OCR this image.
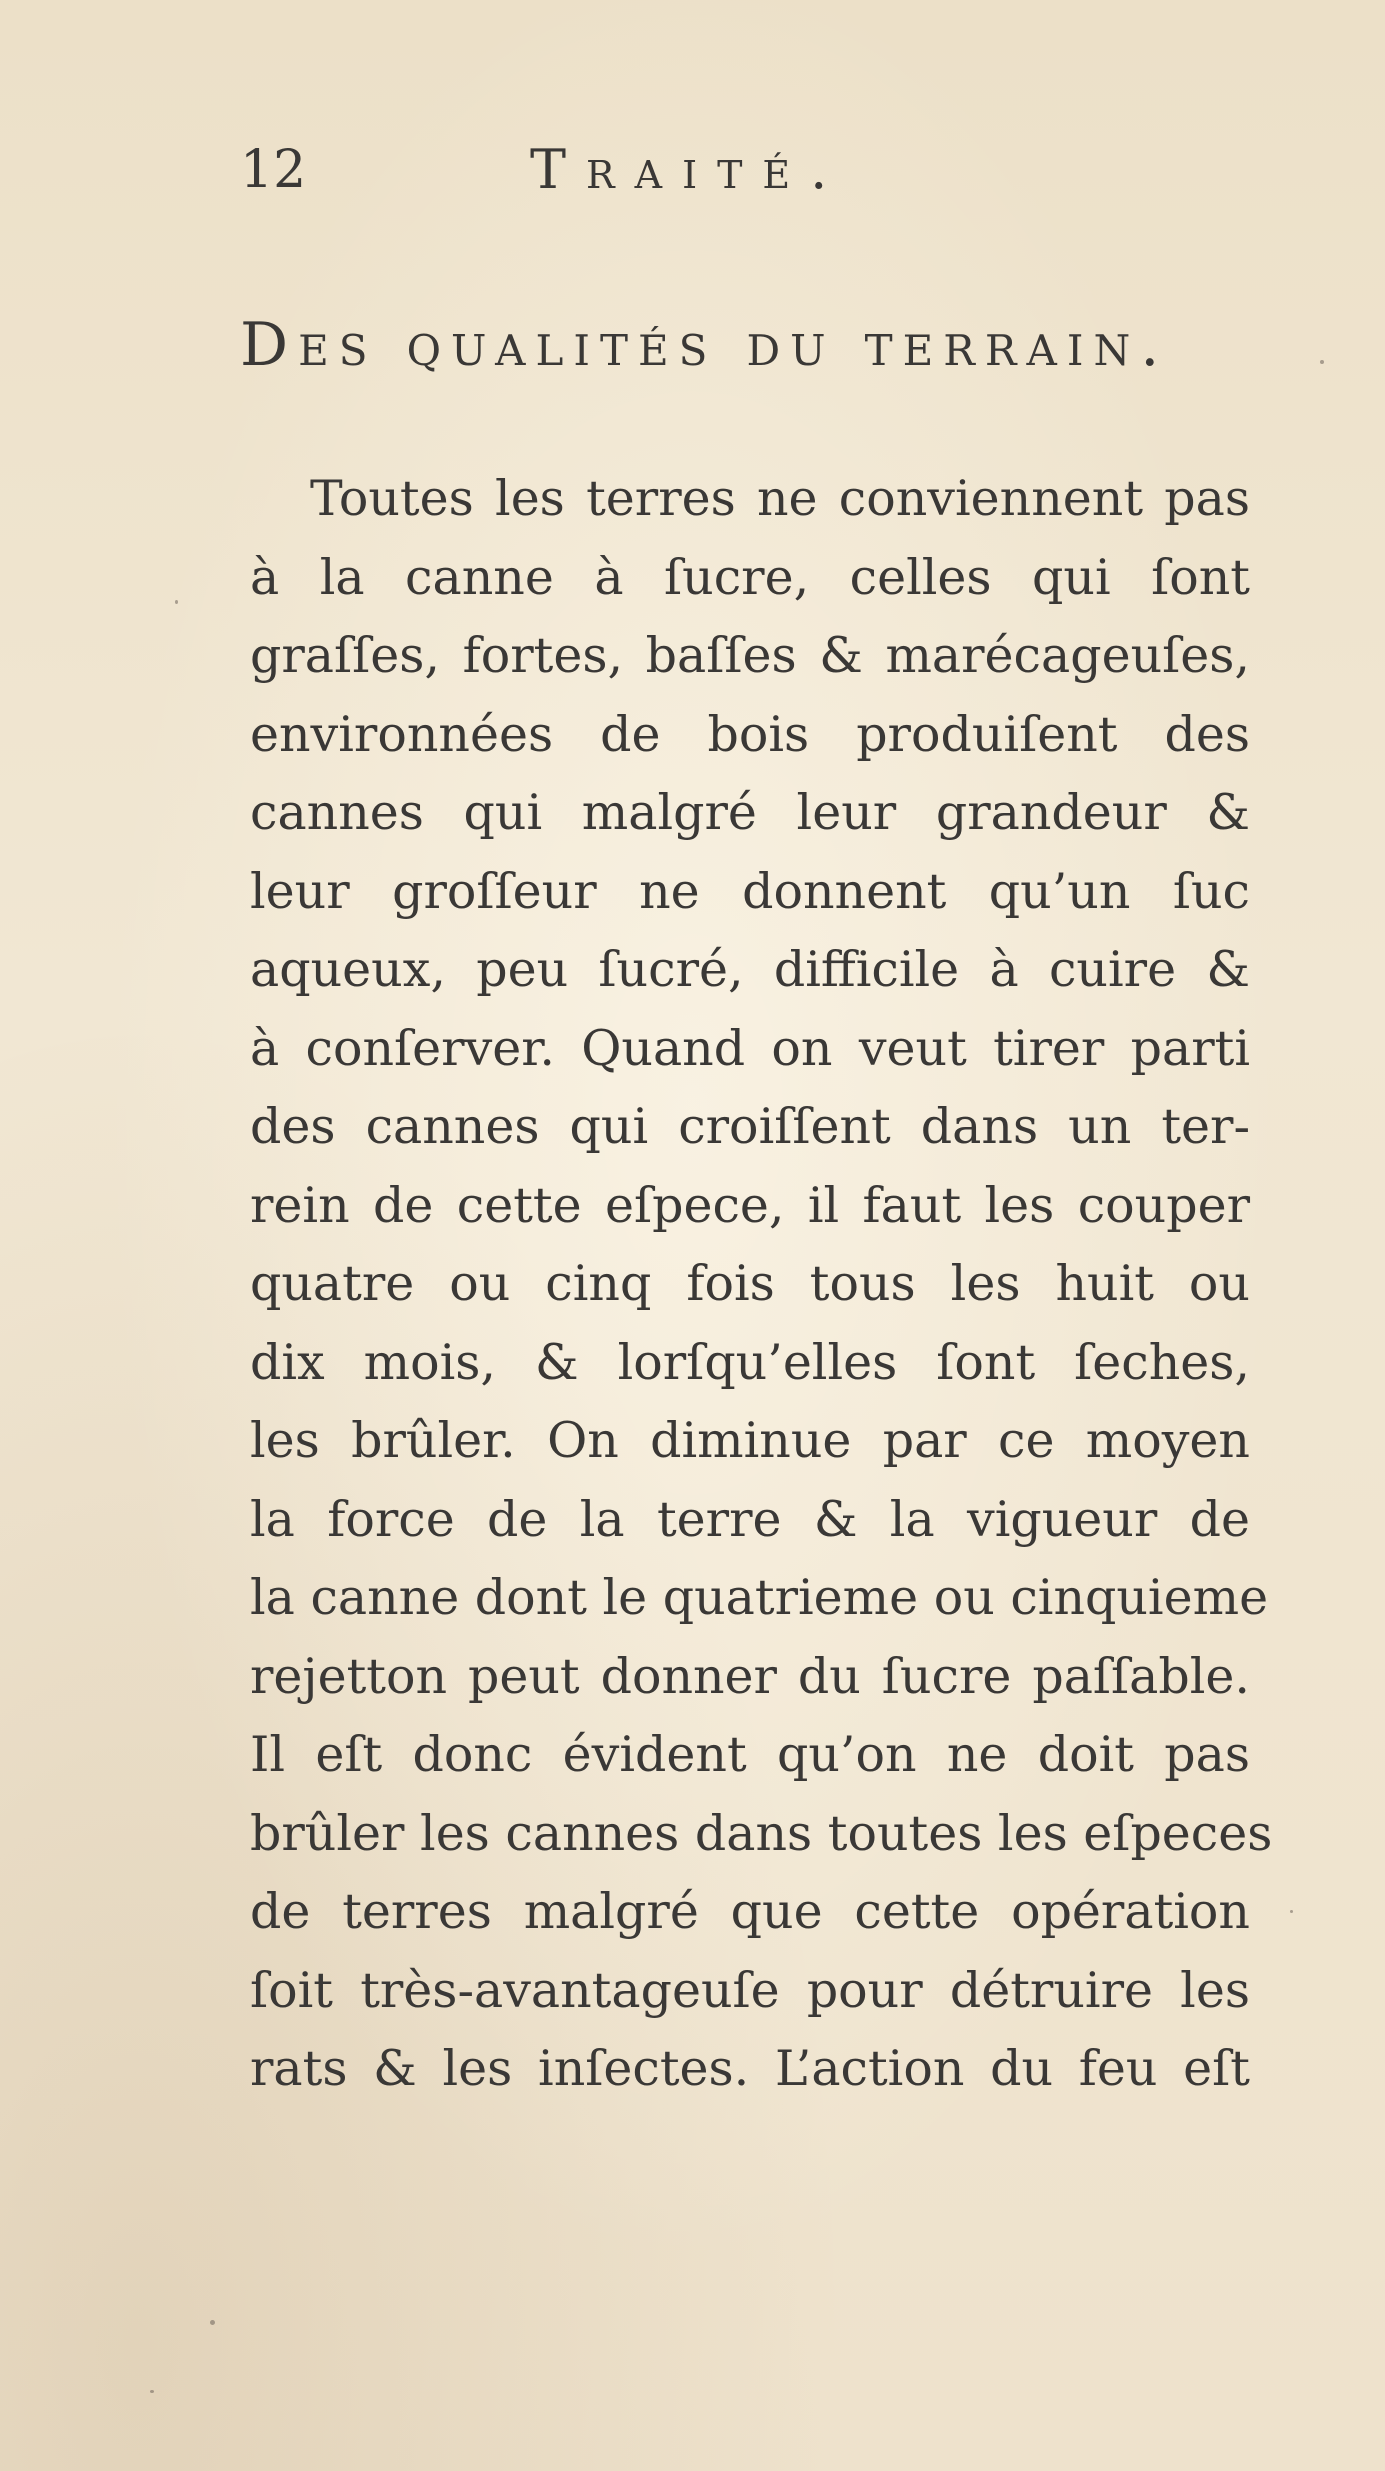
12	Traité.
Des qualités du terrain.
Toutes les terres ne conviennent pas
à la canne à ſucre, celles qui ſont
graſſes, fortes, baſſes & marécageuſes,
environnées de bois produiſent des
cannes qui malgré leur grandeur &
leur groſſeur ne donnent qu’un ſuc
aqueux, peu ſucré, difficile à cuire &
à conſerver. Quand on veut tirer parti
des cannes qui croiſſent dans un ter-
rein de cette eſpece, il faut les couper
quatre ou cinq fois tous les huit ou
dix mois, & lorſqu’elles ſont ſeches,
les brûler. On diminue par ce moyen
la force de la terre & la vigueur de
la canne dont le quatrieme ou cinquieme
rejetton peut donner du ſucre paſſable.
Il eſt donc évident qu’on ne doit pas
brûler les cannes dans toutes les eſpeces
de terres malgré que cette opération
ſoit très-avantageuſe pour détruire les
rats & les inſectes. L’action du feu eſt
